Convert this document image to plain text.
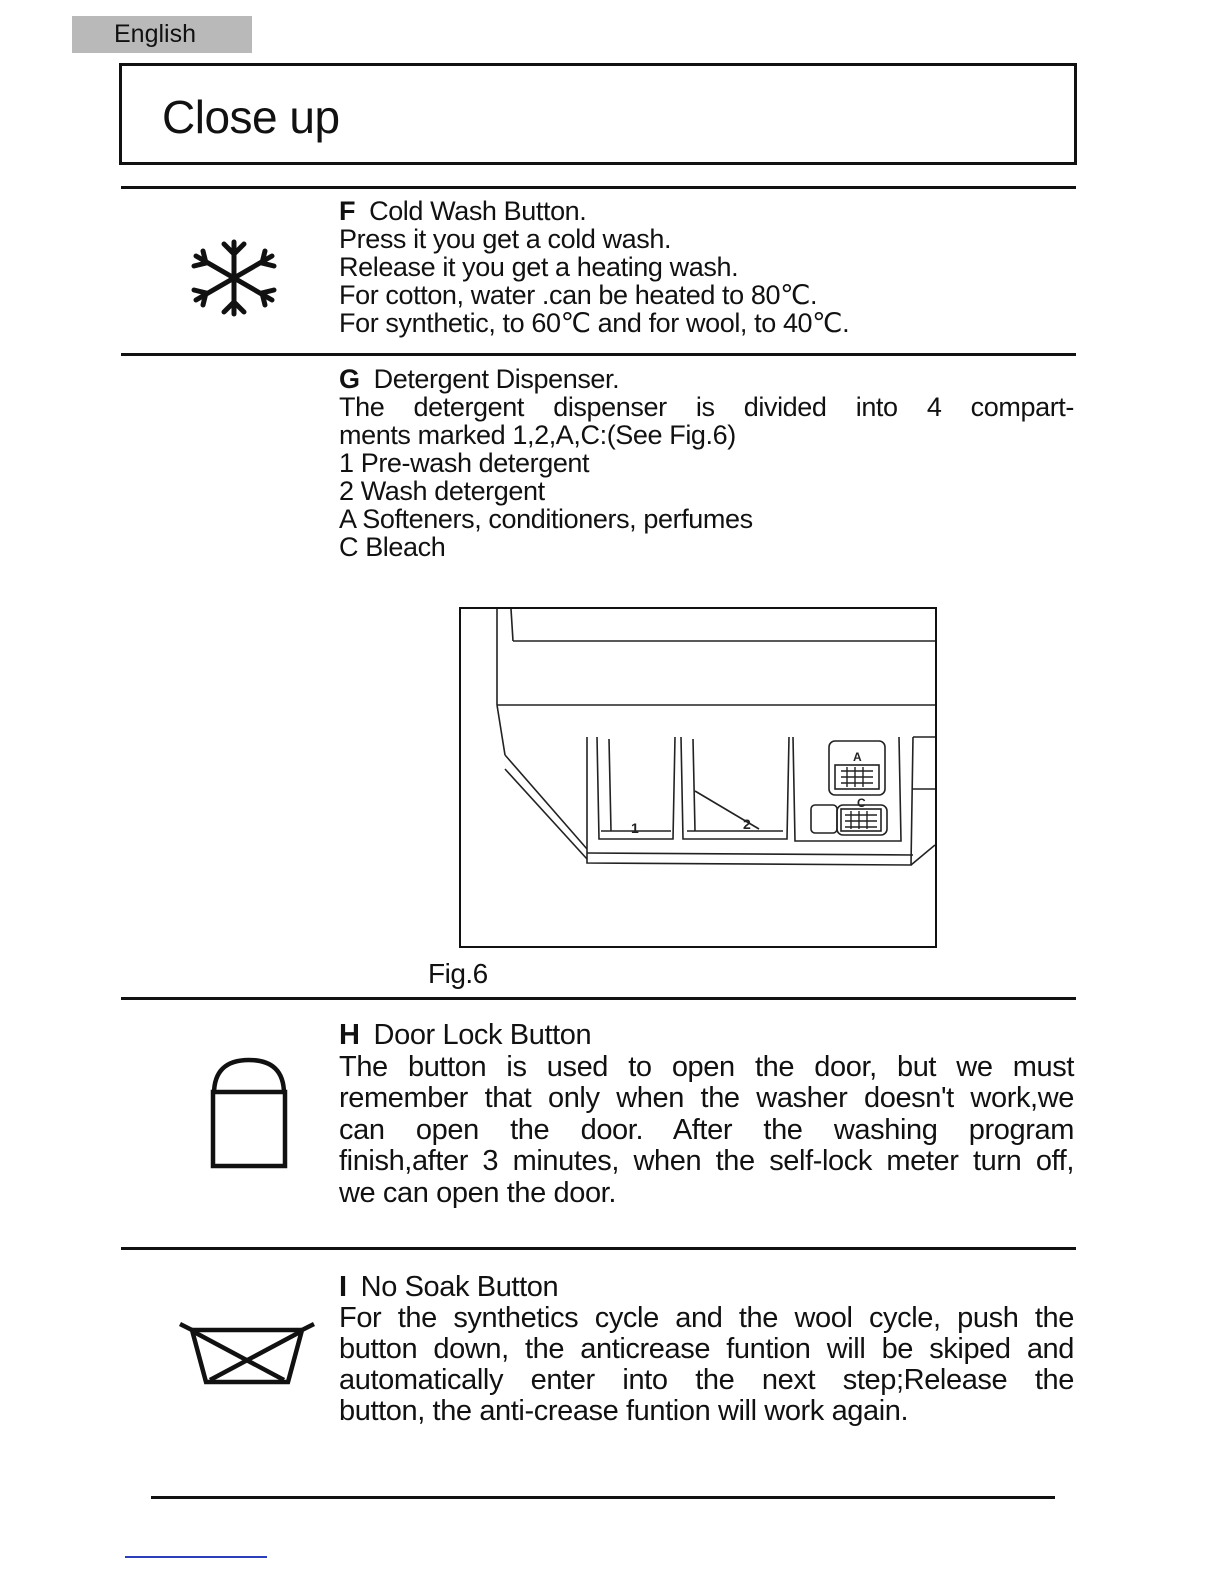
English
Close up
F Cold Wash Button.
Press it you get a cold wash.
Release it you get a heating wash.
For cotton, water .can be heated to 80℃.
For synthetic, to 60℃ and for wool, to 40℃.
G Detergent Dispenser.
The detergent dispenser is divided into 4 compart-
ments marked 1,2,A,C:(See Fig.6)
1 Pre-wash detergent
2 Wash detergent
A Softeners, conditioners, perfumes
C Bleach
1	2
A
C
Fig.6
H Door Lock Button
The button is used to open the door, but we must
remember that only when the washer doesn't work,we
can open the door. After the washing program
finish,after 3 minutes, when the self-lock meter turn off,
we can open the door.
I No Soak Button
For the synthetics cycle and the wool cycle, push the
button down, the anticrease funtion will be skiped and
automatically enter into the next step;Release the
button, the anti-crease funtion will work again.
